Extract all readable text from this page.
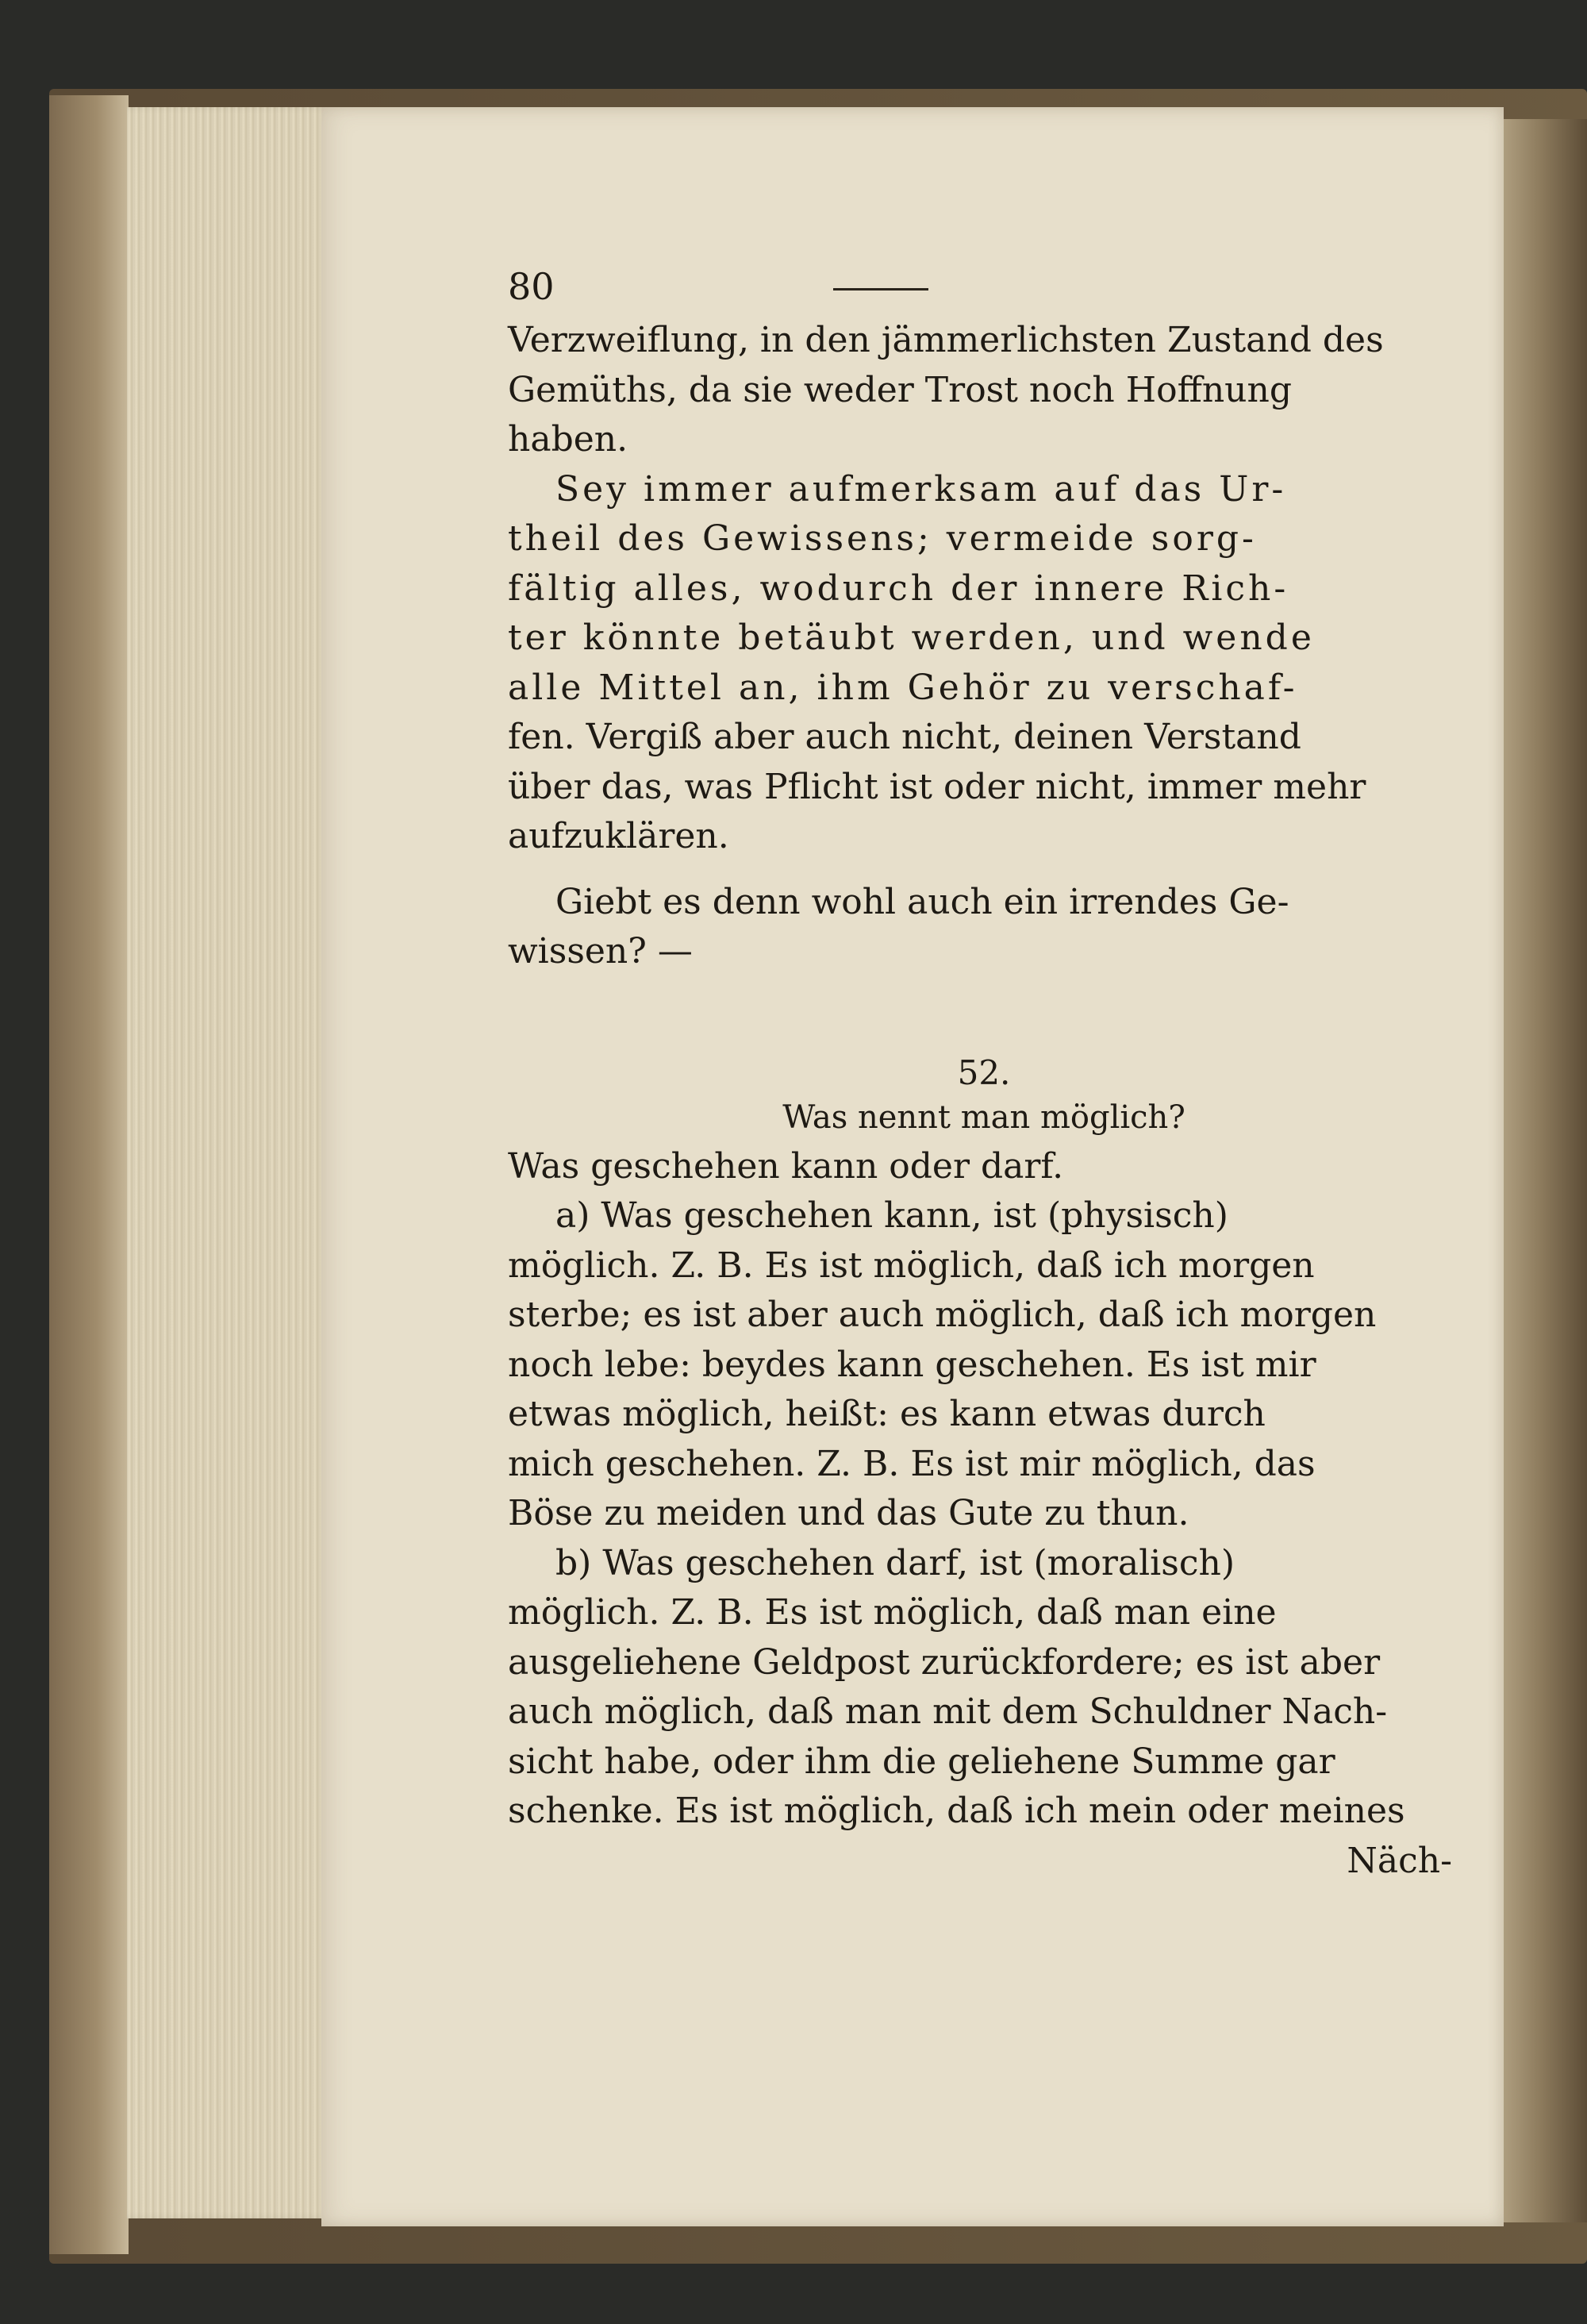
80

Verzweiflung, in den jämmerlichsten Zustand des

Gemüths, da sie weder Trost noch Hoffnung

haben.

Sey immer aufmerksam auf das Ur-

theil des Gewissens; vermeide sorg-

fältig alles, wodurch der innere Rich-

ter könnte betäubt werden, und wende

alle Mittel an, ihm Gehör zu verschaf-

fen. Vergiß aber auch nicht, deinen Verstand

über das, was Pflicht ist oder nicht, immer mehr

aufzuklären.

Giebt es denn wohl auch ein irrendes Ge-

wissen? —

52.
Was nennt man möglich?

Was geschehen kann oder darf.

a) Was geschehen kann, ist (physisch)

möglich. Z. B. Es ist möglich, daß ich morgen

sterbe; es ist aber auch möglich, daß ich morgen

noch lebe: beydes kann geschehen. Es ist mir

etwas möglich, heißt: es kann etwas durch

mich geschehen. Z. B. Es ist mir möglich, das

Böse zu meiden und das Gute zu thun.

b) Was geschehen darf, ist (moralisch)

möglich. Z. B. Es ist möglich, daß man eine

ausgeliehene Geldpost zurückfordere; es ist aber

auch möglich, daß man mit dem Schuldner Nach-

sicht habe, oder ihm die geliehene Summe gar

schenke. Es ist möglich, daß ich mein oder meines

Näch-
